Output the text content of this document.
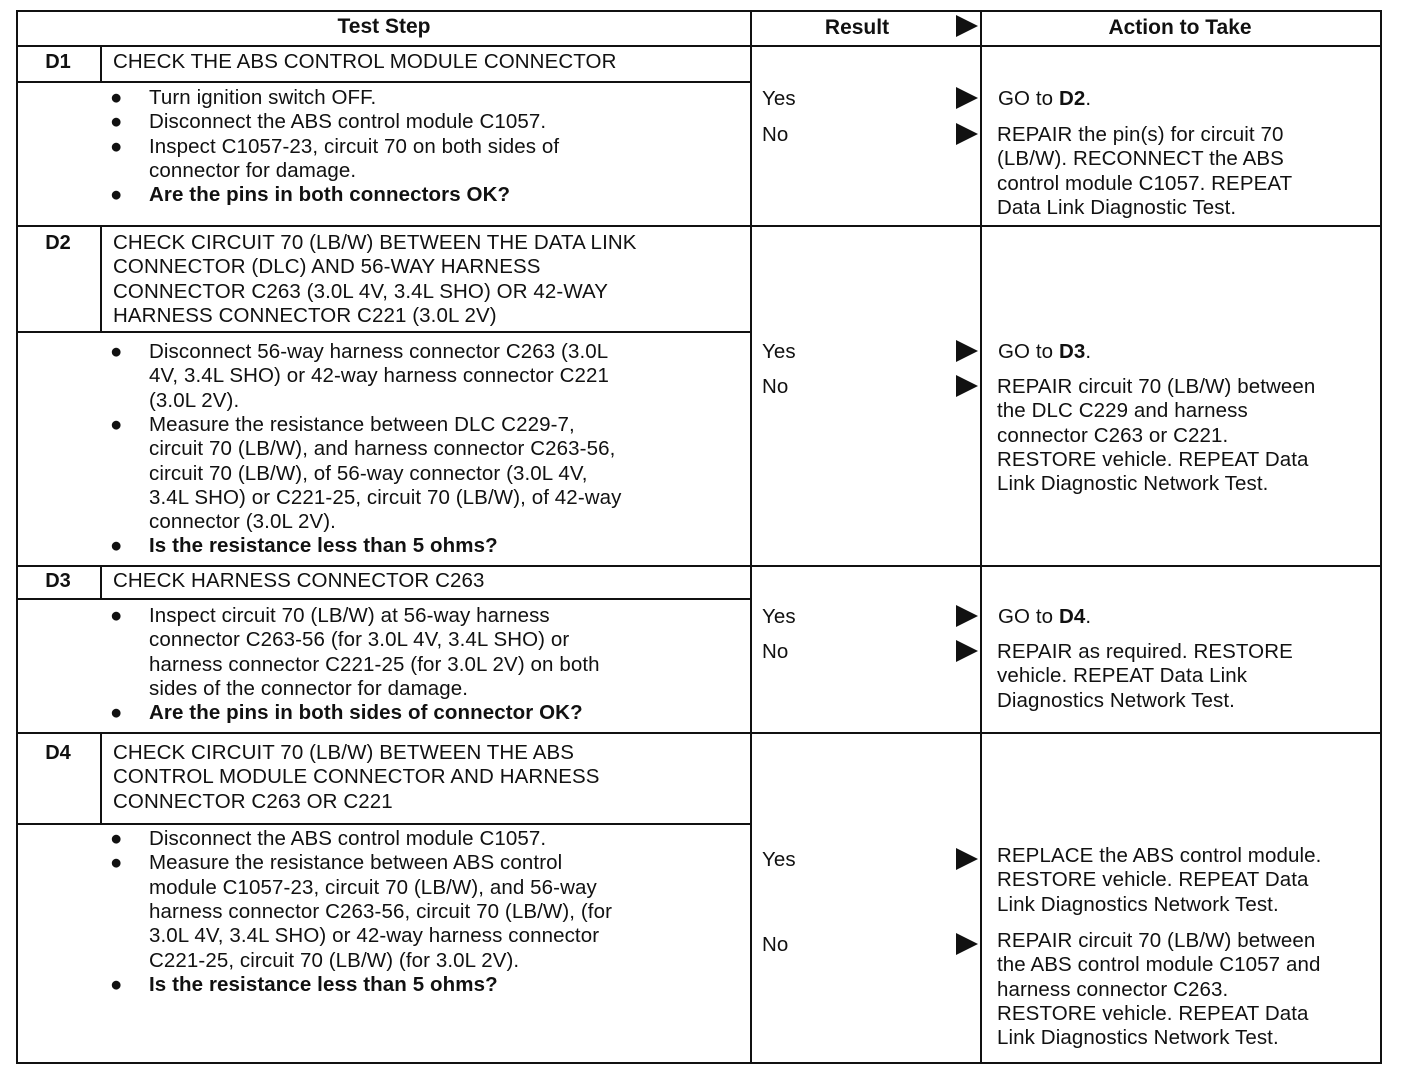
Test Step	Result	Action to Take
D1	CHECK THE ABS CONTROL MODULE CONNECTOR
● Turn ignition switch OFF.
● Disconnect the ABS control module C1057.
● Inspect C1057-23, circuit 70 on both sides of
connector for damage.
● Are the pins in both connectors OK?
Yes	GO to D2.
No	REPAIR the pin(s) for circuit 70
(LB/W). RECONNECT the ABS
control module C1057. REPEAT
Data Link Diagnostic Test.
D2	CHECK CIRCUIT 70 (LB/W) BETWEEN THE DATA LINK
CONNECTOR (DLC) AND 56-WAY HARNESS
CONNECTOR C263 (3.0L 4V, 3.4L SHO) OR 42-WAY
HARNESS CONNECTOR C221 (3.0L 2V)
● Disconnect 56-way harness connector C263 (3.0L
4V, 3.4L SHO) or 42-way harness connector C221
(3.0L 2V).
● Measure the resistance between DLC C229-7,
circuit 70 (LB/W), and harness connector C263-56,
circuit 70 (LB/W), of 56-way connector (3.0L 4V,
3.4L SHO) or C221-25, circuit 70 (LB/W), of 42-way
connector (3.0L 2V).
● Is the resistance less than 5 ohms?
Yes	GO to D3.
No	REPAIR circuit 70 (LB/W) between
the DLC C229 and harness
connector C263 or C221.
RESTORE vehicle. REPEAT Data
Link Diagnostic Network Test.
D3	CHECK HARNESS CONNECTOR C263
● Inspect circuit 70 (LB/W) at 56-way harness
connector C263-56 (for 3.0L 4V, 3.4L SHO) or
harness connector C221-25 (for 3.0L 2V) on both
sides of the connector for damage.
● Are the pins in both sides of connector OK?
Yes	GO to D4.
No	REPAIR as required. RESTORE
vehicle. REPEAT Data Link
Diagnostics Network Test.
D4	CHECK CIRCUIT 70 (LB/W) BETWEEN THE ABS
CONTROL MODULE CONNECTOR AND HARNESS
CONNECTOR C263 OR C221
● Disconnect the ABS control module C1057.
● Measure the resistance between ABS control
module C1057-23, circuit 70 (LB/W), and 56-way
harness connector C263-56, circuit 70 (LB/W), (for
3.0L 4V, 3.4L SHO) or 42-way harness connector
C221-25, circuit 70 (LB/W) (for 3.0L 2V).
● Is the resistance less than 5 ohms?
Yes	REPLACE the ABS control module.
RESTORE vehicle. REPEAT Data
Link Diagnostics Network Test.
No	REPAIR circuit 70 (LB/W) between
the ABS control module C1057 and
harness connector C263.
RESTORE vehicle. REPEAT Data
Link Diagnostics Network Test.
